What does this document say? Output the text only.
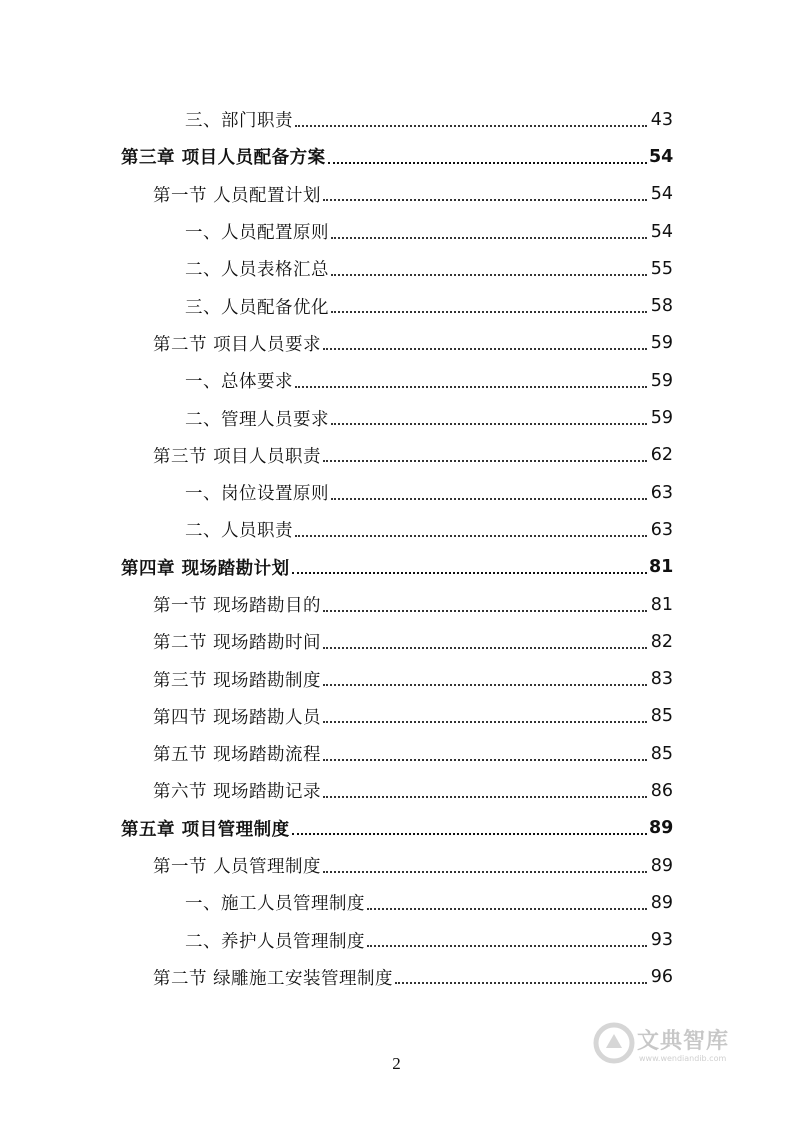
三、部门职责	43
第三章 项目人员配备方案	54
第一节 人员配置计划	54
一、人员配置原则	54
二、人员表格汇总	55
三、人员配备优化	58
第二节 项目人员要求	59
一、总体要求	59
二、管理人员要求	59
第三节 项目人员职责	62
一、岗位设置原则	63
二、人员职责	63
第四章 现场踏勘计划	81
第一节 现场踏勘目的	81
第二节 现场踏勘时间	82
第三节 现场踏勘制度	83
第四节 现场踏勘人员	85
第五节 现场踏勘流程	85
第六节 现场踏勘记录	86
第五章 项目管理制度	89
第一节 人员管理制度	89
一、施工人员管理制度	89
二、养护人员管理制度	93
第二节 绿雕施工安装管理制度	96
2
文典智库
www.wendiandib.com
